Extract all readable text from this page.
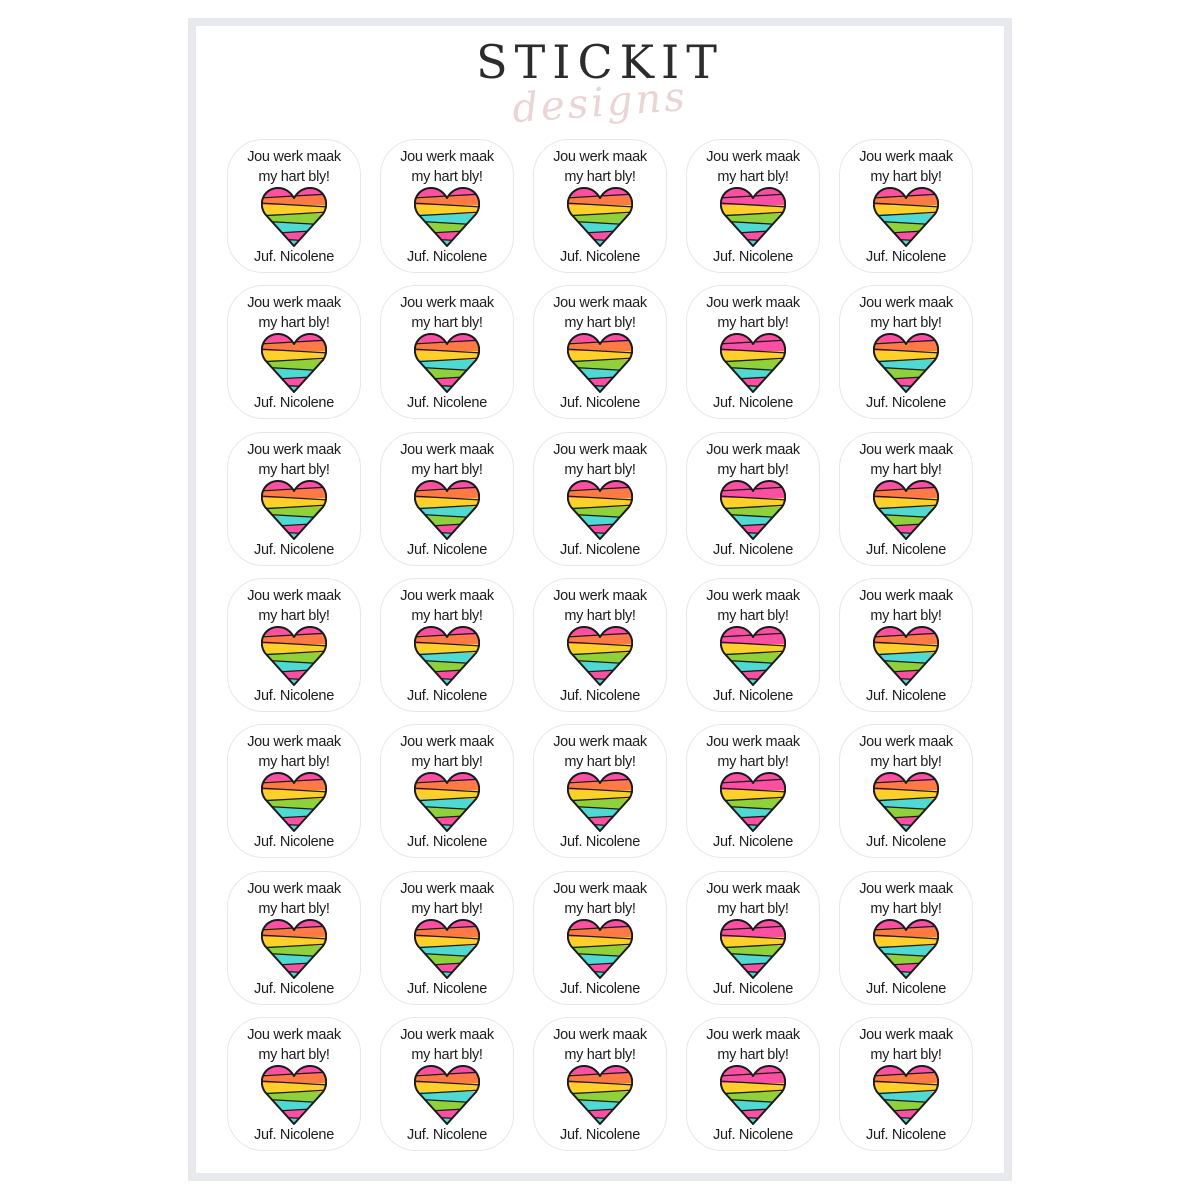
STICKIT
designs
Jou werk maak
my hart bly!
Juf. Nicolene
Jou werk maak
my hart bly!
Juf. Nicolene
Jou werk maak
my hart bly!
Juf. Nicolene
Jou werk maak
my hart bly!
Juf. Nicolene
Jou werk maak
my hart bly!
Juf. Nicolene
Jou werk maak
my hart bly!
Juf. Nicolene
Jou werk maak
my hart bly!
Juf. Nicolene
Jou werk maak
my hart bly!
Juf. Nicolene
Jou werk maak
my hart bly!
Juf. Nicolene
Jou werk maak
my hart bly!
Juf. Nicolene
Jou werk maak
my hart bly!
Juf. Nicolene
Jou werk maak
my hart bly!
Juf. Nicolene
Jou werk maak
my hart bly!
Juf. Nicolene
Jou werk maak
my hart bly!
Juf. Nicolene
Jou werk maak
my hart bly!
Juf. Nicolene
Jou werk maak
my hart bly!
Juf. Nicolene
Jou werk maak
my hart bly!
Juf. Nicolene
Jou werk maak
my hart bly!
Juf. Nicolene
Jou werk maak
my hart bly!
Juf. Nicolene
Jou werk maak
my hart bly!
Juf. Nicolene
Jou werk maak
my hart bly!
Juf. Nicolene
Jou werk maak
my hart bly!
Juf. Nicolene
Jou werk maak
my hart bly!
Juf. Nicolene
Jou werk maak
my hart bly!
Juf. Nicolene
Jou werk maak
my hart bly!
Juf. Nicolene
Jou werk maak
my hart bly!
Juf. Nicolene
Jou werk maak
my hart bly!
Juf. Nicolene
Jou werk maak
my hart bly!
Juf. Nicolene
Jou werk maak
my hart bly!
Juf. Nicolene
Jou werk maak
my hart bly!
Juf. Nicolene
Jou werk maak
my hart bly!
Juf. Nicolene
Jou werk maak
my hart bly!
Juf. Nicolene
Jou werk maak
my hart bly!
Juf. Nicolene
Jou werk maak
my hart bly!
Juf. Nicolene
Jou werk maak
my hart bly!
Juf. Nicolene
